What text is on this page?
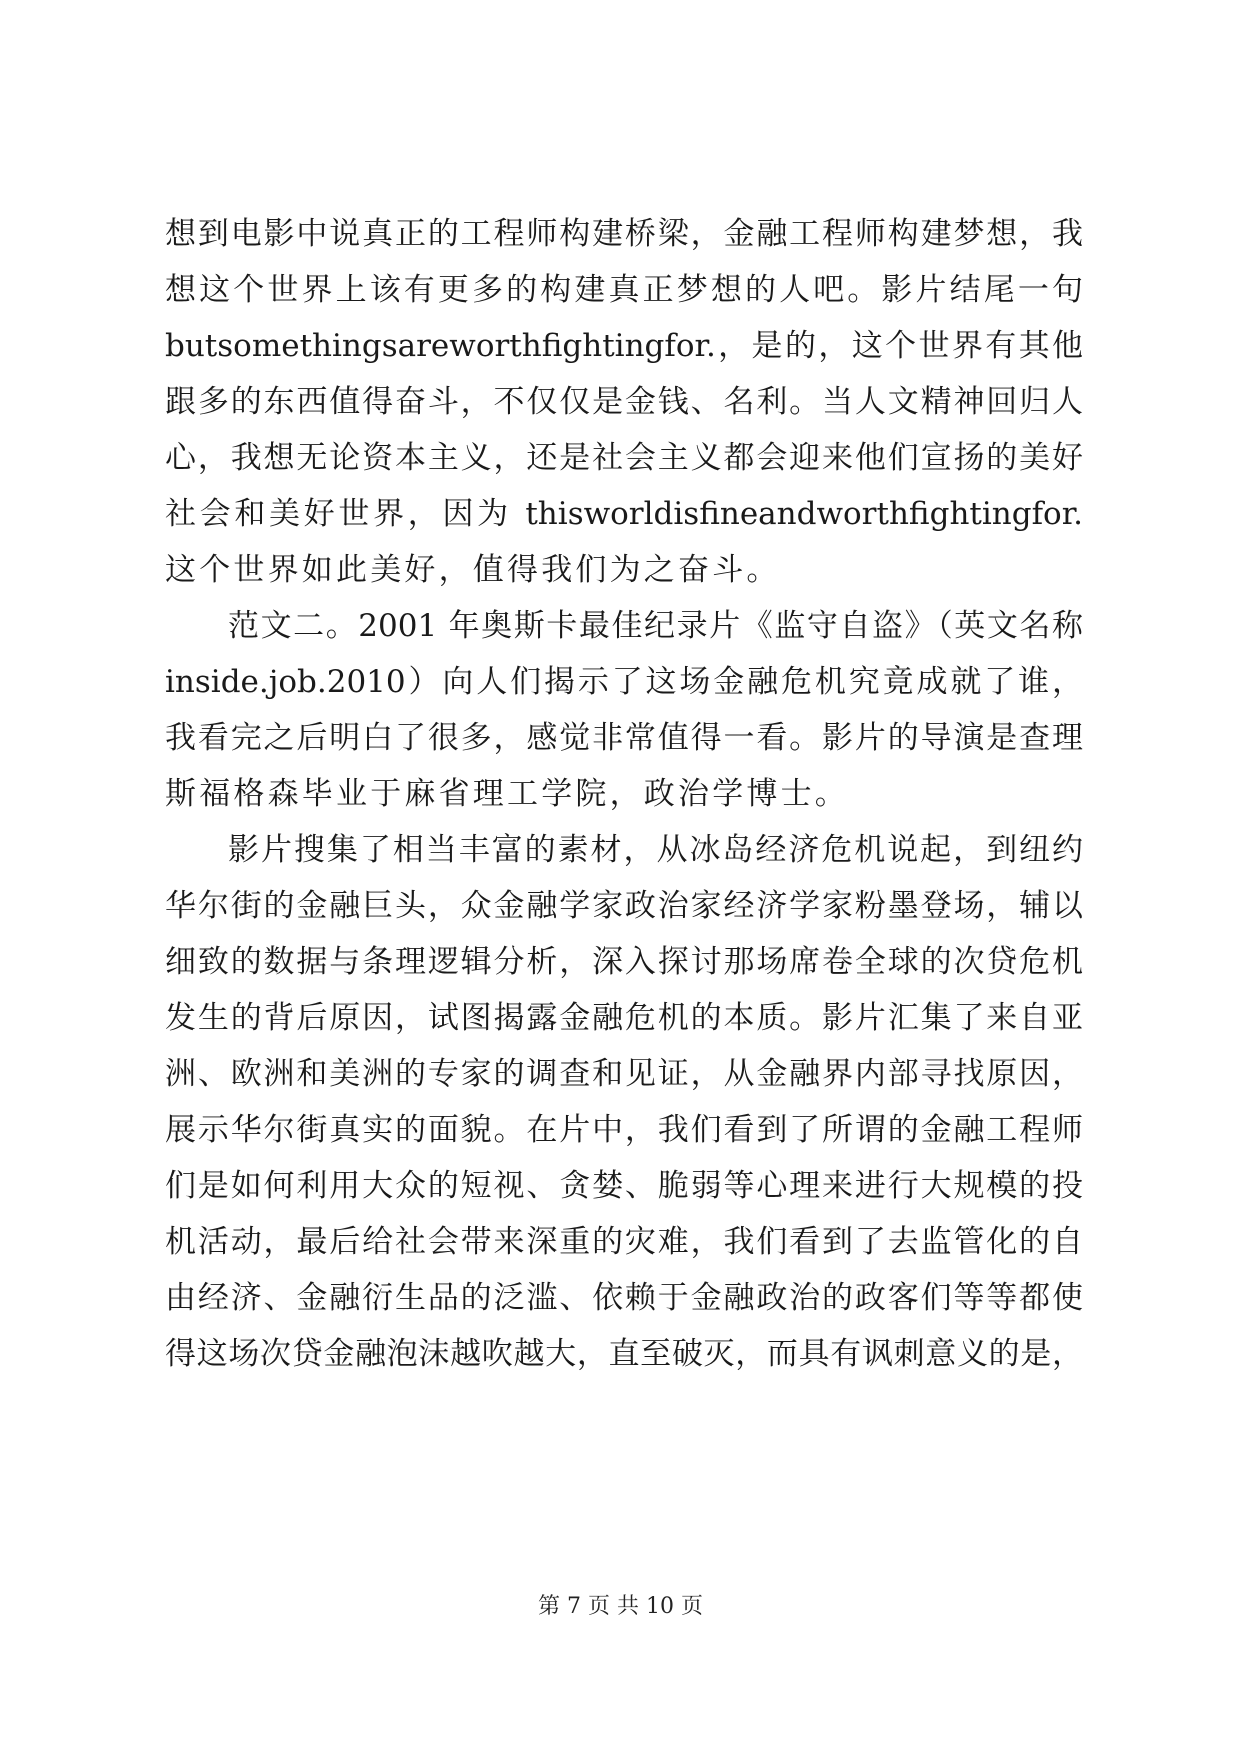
想到电影中说真正的工程师构建桥梁，金融工程师构建梦想，我
想这个世界上该有更多的构建真正梦想的人吧。影片结尾一句
butsomethingsareworthfightingfor.，是的，这个世界有其他
跟多的东西值得奋斗，不仅仅是金钱、名利。当人文精神回归人
心，我想无论资本主义，还是社会主义都会迎来他们宣扬的美好
社会和美好世界，因为 thisworldisfineandworthfightingfor.
这个世界如此美好，值得我们为之奋斗。
范文二。2001 年奥斯卡最佳纪录片《监守自盗》（英文名称
inside.job.2010）向人们揭示了这场金融危机究竟成就了谁，
我看完之后明白了很多，感觉非常值得一看。影片的导演是查理
斯福格森毕业于麻省理工学院，政治学博士。
影片搜集了相当丰富的素材，从冰岛经济危机说起，到纽约
华尔街的金融巨头，众金融学家政治家经济学家粉墨登场，辅以
细致的数据与条理逻辑分析，深入探讨那场席卷全球的次贷危机
发生的背后原因，试图揭露金融危机的本质。影片汇集了来自亚
洲、欧洲和美洲的专家的调查和见证，从金融界内部寻找原因，
展示华尔街真实的面貌。在片中，我们看到了所谓的金融工程师
们是如何利用大众的短视、贪婪、脆弱等心理来进行大规模的投
机活动，最后给社会带来深重的灾难，我们看到了去监管化的自
由经济、金融衍生品的泛滥、依赖于金融政治的政客们等等都使
得这场次贷金融泡沫越吹越大，直至破灭，而具有讽刺意义的是，
第 7 页 共 10 页
